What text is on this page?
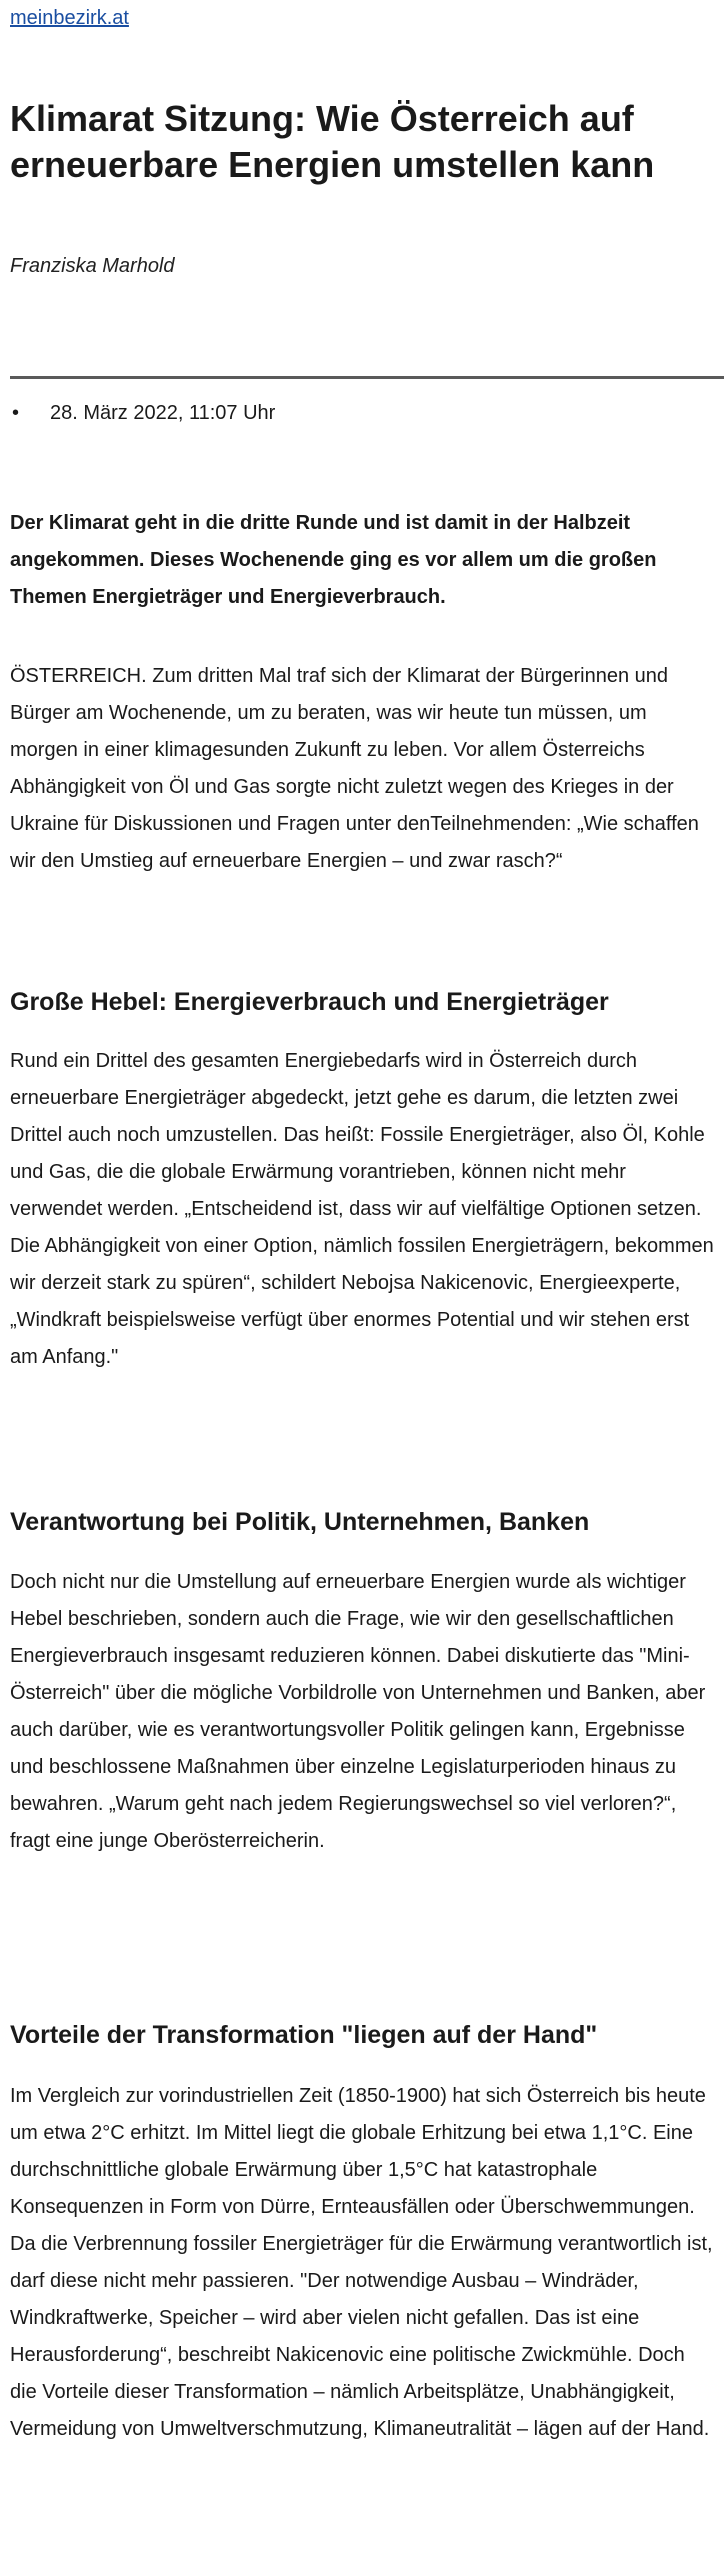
meinbezirk.at
Klimarat Sitzung: Wie Österreich auf erneuerbare Energien umstellen kann
Franziska Marhold
• 28. März 2022, 11:07 Uhr

Der Klimarat geht in die dritte Runde und ist damit in der Halbzeit angekommen. Dieses Wochenende ging es vor allem um die großen Themen Energieträger und Energieverbrauch.

ÖSTERREICH. Zum dritten Mal traf sich der Klimarat der Bürgerinnen und Bürger am Wochenende, um zu beraten, was wir heute tun müssen, um morgen in einer klimagesunden Zukunft zu leben. Vor allem Österreichs Abhängigkeit von Öl und Gas sorgte nicht zuletzt wegen des Krieges in der Ukraine für Diskussionen und Fragen unter denTeilnehmenden: „Wie schaffen wir den Umstieg auf erneuerbare Energien – und zwar rasch?“

Große Hebel: Energieverbrauch und Energieträger

Rund ein Drittel des gesamten Energiebedarfs wird in Österreich durch erneuerbare Energieträger abgedeckt, jetzt gehe es darum, die letzten zwei Drittel auch noch umzustellen. Das heißt: Fossile Energieträger, also Öl, Kohle und Gas, die die globale Erwärmung vorantrieben, können nicht mehr verwendet werden. „Entscheidend ist, dass wir auf vielfältige Optionen setzen. Die Abhängigkeit von einer Option, nämlich fossilen Energieträgern, bekommen wir derzeit stark zu spüren“, schildert Nebojsa Nakicenovic, Energieexperte, „Windkraft beispielsweise verfügt über enormes Potential und wir stehen erst am Anfang."

Verantwortung bei Politik, Unternehmen, Banken

Doch nicht nur die Umstellung auf erneuerbare Energien wurde als wichtiger Hebel beschrieben, sondern auch die Frage, wie wir den gesellschaftlichen Energieverbrauch insgesamt reduzieren können. Dabei diskutierte das "Mini-Österreich" über die mögliche Vorbildrolle von Unternehmen und Banken, aber auch darüber, wie es verantwortungsvoller Politik gelingen kann, Ergebnisse und beschlossene Maßnahmen über einzelne Legislaturperioden hinaus zu bewahren. „Warum geht nach jedem Regierungswechsel so viel verloren?“, fragt eine junge Oberösterreicherin.

Vorteile der Transformation "liegen auf der Hand"

Im Vergleich zur vorindustriellen Zeit (1850-1900) hat sich Österreich bis heute um etwa 2°C erhitzt. Im Mittel liegt die globale Erhitzung bei etwa 1,1°C. Eine durchschnittliche globale Erwärmung über 1,5°C hat katastrophale Konsequenzen in Form von Dürre, Ernteausfällen oder Überschwemmungen. Da die Verbrennung fossiler Energieträger für die Erwärmung verantwortlich ist, darf diese nicht mehr passieren. "Der notwendige Ausbau – Windräder, Windkraftwerke, Speicher – wird aber vielen nicht gefallen. Das ist eine Herausforderung“, beschreibt Nakicenovic eine politische Zwickmühle. Doch die Vorteile dieser Transformation – nämlich Arbeitsplätze, Unabhängigkeit, Vermeidung von Umweltverschmutzung, Klimaneutralität – lägen auf der Hand.
